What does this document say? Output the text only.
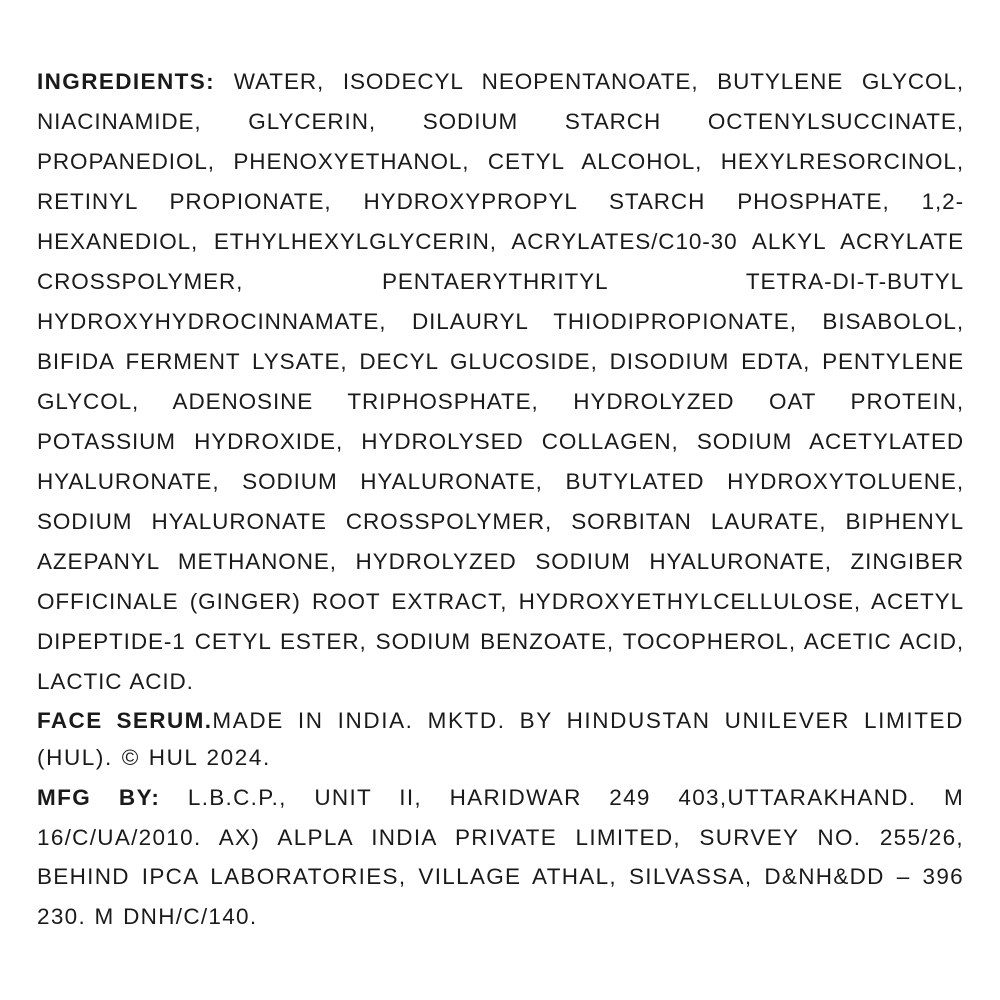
INGREDIENTS: WATER, ISODECYL NEOPENTANOATE, BUTYLENE GLYCOL, NIACINAMIDE, GLYCERIN, SODIUM STARCH OCTENYLSUCCINATE, PROPANEDIOL, PHENOXYETHANOL, CETYL ALCOHOL, HEXYLRESORCINOL, RETINYL PROPIONATE, HYDROXYPROPYL STARCH PHOSPHATE, 1,2-HEXANEDIOL, ETHYLHEXYLGLYCERIN, ACRYLATES/C10-30 ALKYL ACRYLATE CROSSPOLYMER, PENTAERYTHRITYL TETRA-DI-T-BUTYL HYDROXYHYDROCINNAMATE, DILAURYL THIODIPROPIONATE, BISABOLOL, BIFIDA FERMENT LYSATE, DECYL GLUCOSIDE, DISODIUM EDTA, PENTYLENE GLYCOL, ADENOSINE TRIPHOSPHATE, HYDROLYZED OAT PROTEIN, POTASSIUM HYDROXIDE, HYDROLYSED COLLAGEN, SODIUM ACETYLATED HYALURONATE, SODIUM HYALURONATE, BUTYLATED HYDROXYTOLUENE, SODIUM HYALURONATE CROSSPOLYMER, SORBITAN LAURATE, BIPHENYL AZEPANYL METHANONE, HYDROLYZED SODIUM HYALURONATE, ZINGIBER OFFICINALE (GINGER) ROOT EXTRACT, HYDROXYETHYLCELLULOSE, ACETYL DIPEPTIDE-1 CETYL ESTER, SODIUM BENZOATE, TOCOPHEROL, ACETIC ACID, LACTIC ACID.

FACE SERUM.MADE IN INDIA. MKTD. BY HINDUSTAN UNILEVER LIMITED (HUL). © HUL 2024.

MFG BY: L.B.C.P., UNIT II, HARIDWAR 249 403,UTTARAKHAND. M 16/C/UA/2010. AX) ALPLA INDIA PRIVATE LIMITED, SURVEY NO. 255/26, BEHIND IPCA LABORATORIES, VILLAGE ATHAL, SILVASSA, D&NH&DD – 396 230. M DNH/C/140.
